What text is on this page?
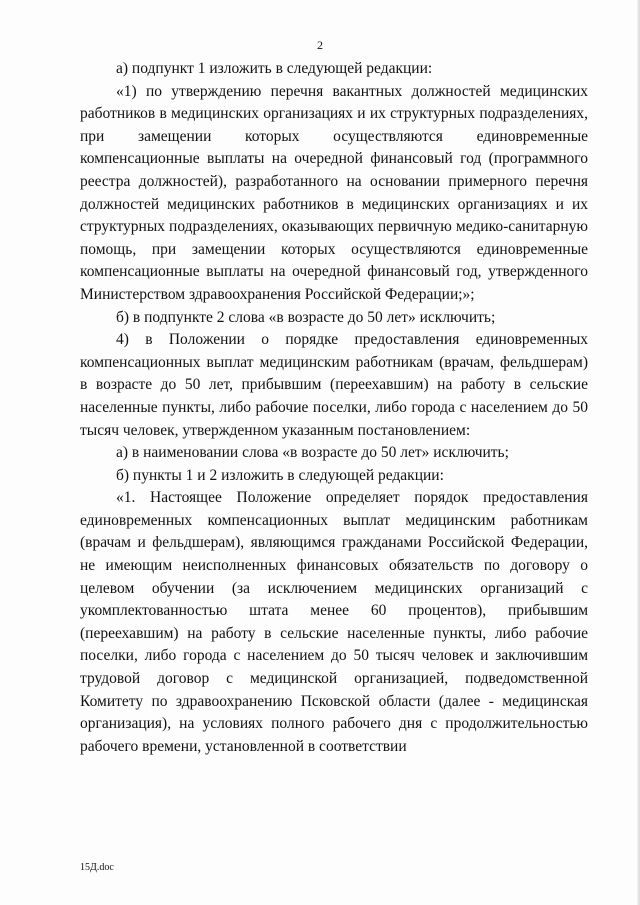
2

а) подпункт 1 изложить в следующей редакции:

«1) по утверждению перечня вакантных должностей медицинских работников в медицинских организациях и их структурных подразделениях, при замещении которых осуществляются единовременные компенсационные выплаты на очередной финансовый год (программного реестра должностей), разработанного на основании примерного перечня должностей медицинских работников в медицинских организациях и их структурных подразделениях, оказывающих первичную медико-санитарную помощь, при замещении которых осуществляются единовременные компенсационные выплаты на очередной финансовый год, утвержденного Министерством здравоохранения Российской Федерации;»;

б) в подпункте 2 слова «в возрасте до 50 лет» исключить;

4) в Положении о порядке предоставления единовременных компенсационных выплат медицинским работникам (врачам, фельдшерам) в возрасте до 50 лет, прибывшим (переехавшим) на работу в сельские населенные пункты, либо рабочие поселки, либо города с населением до 50 тысяч человек, утвержденном указанным постановлением:

а) в наименовании слова «в возрасте до 50 лет» исключить;

б) пункты 1 и 2 изложить в следующей редакции:

«1. Настоящее Положение определяет порядок предоставления единовременных компенсационных выплат медицинским работникам (врачам и фельдшерам), являющимся гражданами Российской Федерации, не имеющим неисполненных финансовых обязательств по договору о целевом обучении (за исключением медицинских организаций с укомплектованностью штата менее 60 процентов), прибывшим (переехавшим) на работу в сельские населенные пункты, либо рабочие поселки, либо города с населением до 50 тысяч человек и заключившим трудовой договор с медицинской организацией, подведомственной Комитету по здравоохранению Псковской области (далее - медицинская организация), на условиях полного рабочего дня с продолжительностью рабочего времени, установленной в соответствии

15Д.doc
